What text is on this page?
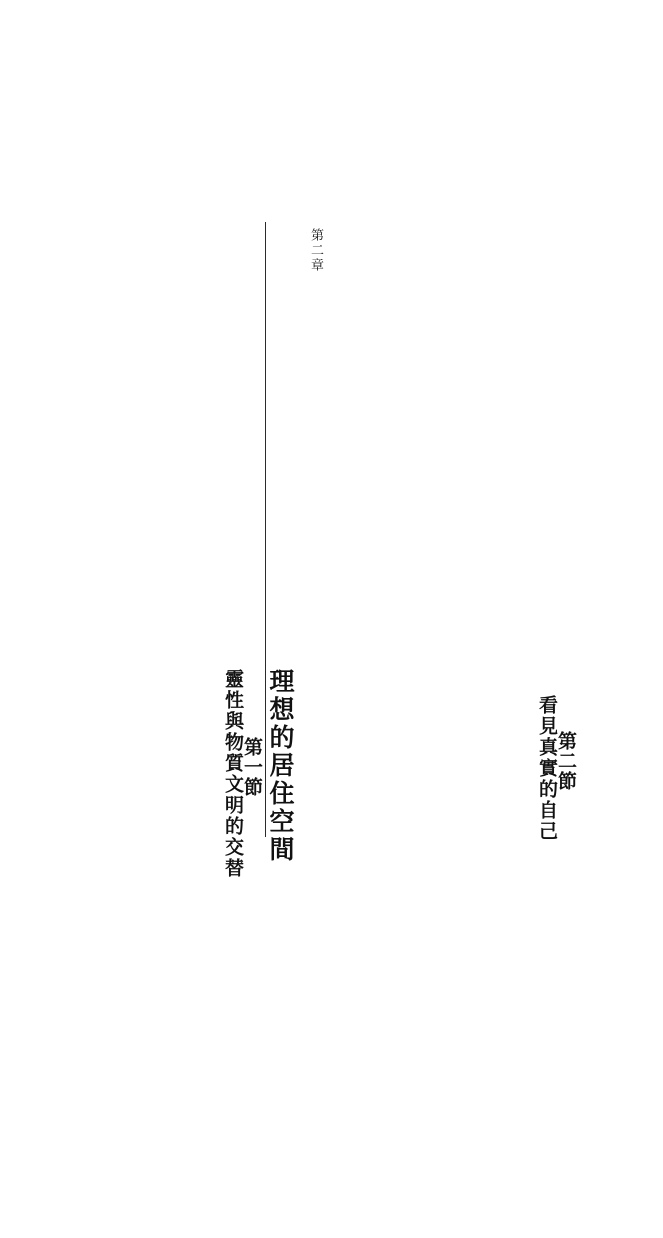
第二節
看見真實的自己
第二章
理想的居住空間
第一節
靈性與物質文明的交替
